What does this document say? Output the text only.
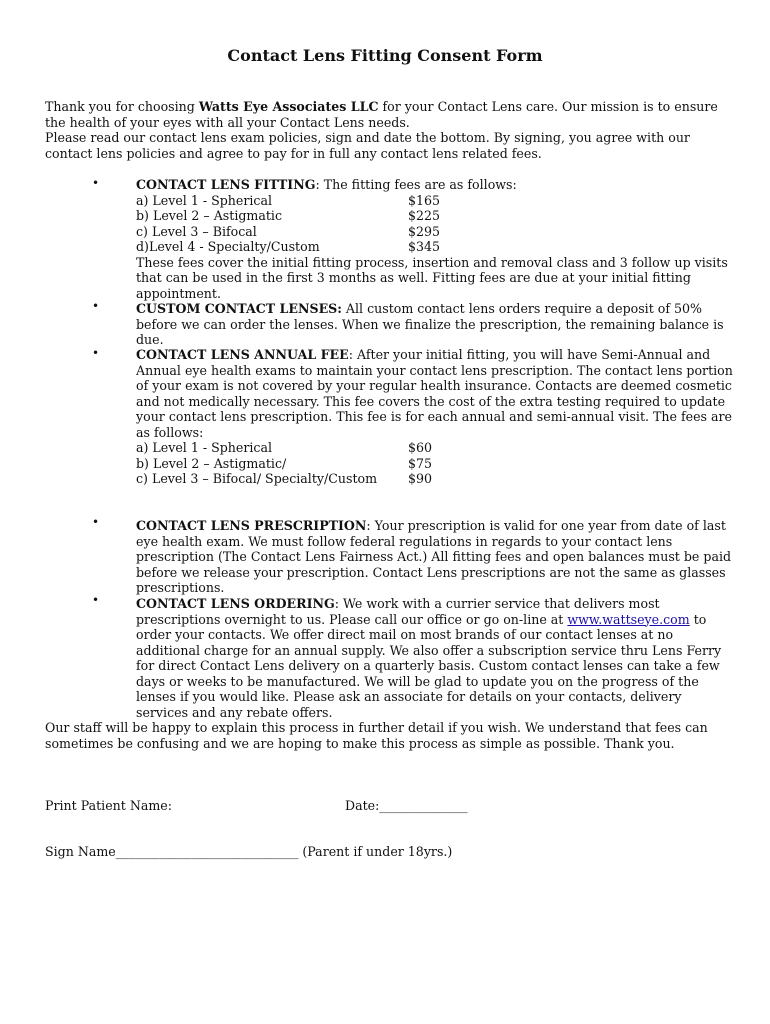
Contact Lens Fitting Consent Form

Thank you for choosing Watts Eye Associates LLC for your Contact Lens care. Our mission is to ensure the health of your eyes with all your Contact Lens needs.

Please read our contact lens exam policies, sign and date the bottom. By signing, you agree with our contact lens policies and agree to pay for in full any contact lens related fees.

•	CONTACT LENS FITTING: The fitting fees are as follows:

a) Level 1 - Spherical	$165
b) Level 2 – Astigmatic	$225
c) Level 3 – Bifocal	$295
d)Level 4 - Specialty/Custom	$345

These fees cover the initial fitting process, insertion and removal class and 3 follow up visits that can be used in the first 3 months as well. Fitting fees are due at your initial fitting appointment.

•	CUSTOM CONTACT LENSES: All custom contact lens orders require a deposit of 50% before we can order the lenses. When we finalize the prescription, the remaining balance is due.

•	CONTACT LENS ANNUAL FEE: After your initial fitting, you will have Semi-Annual and Annual eye health exams to maintain your contact lens prescription. The contact lens portion of your exam is not covered by your regular health insurance. Contacts are deemed cosmetic and not medically necessary. This fee covers the cost of the extra testing required to update your contact lens prescription. This fee is for each annual and semi-annual visit. The fees are as follows:

a) Level 1 - Spherical	$60
b) Level 2 – Astigmatic/	$75
c) Level 3 – Bifocal/ Specialty/Custom	$90
•	CONTACT LENS PRESCRIPTION: Your prescription is valid for one year from date of last eye health exam. We must follow federal regulations in regards to your contact lens prescription (The Contact Lens Fairness Act.) All fitting fees and open balances must be paid before we release your prescription. Contact Lens prescriptions are not the same as glasses prescriptions.

•	CONTACT LENS ORDERING: We work with a currier service that delivers most prescriptions overnight to us. Please call our office or go on-line at www.wattseye.com to order your contacts. We offer direct mail on most brands of our contact lenses at no additional charge for an annual supply. We also offer a subscription service thru Lens Ferry for direct Contact Lens delivery on a quarterly basis. Custom contact lenses can take a few days or weeks to be manufactured. We will be glad to update you on the progress of the lenses if you would like. Please ask an associate for details on your contacts, delivery services and any rebate offers.

Our staff will be happy to explain this process in further detail if you wish. We understand that fees can sometimes be confusing and we are hoping to make this process as simple as possible. Thank you.

Print Patient Name:	Date:______________
Sign Name_____________________________ (Parent if under 18yrs.)
